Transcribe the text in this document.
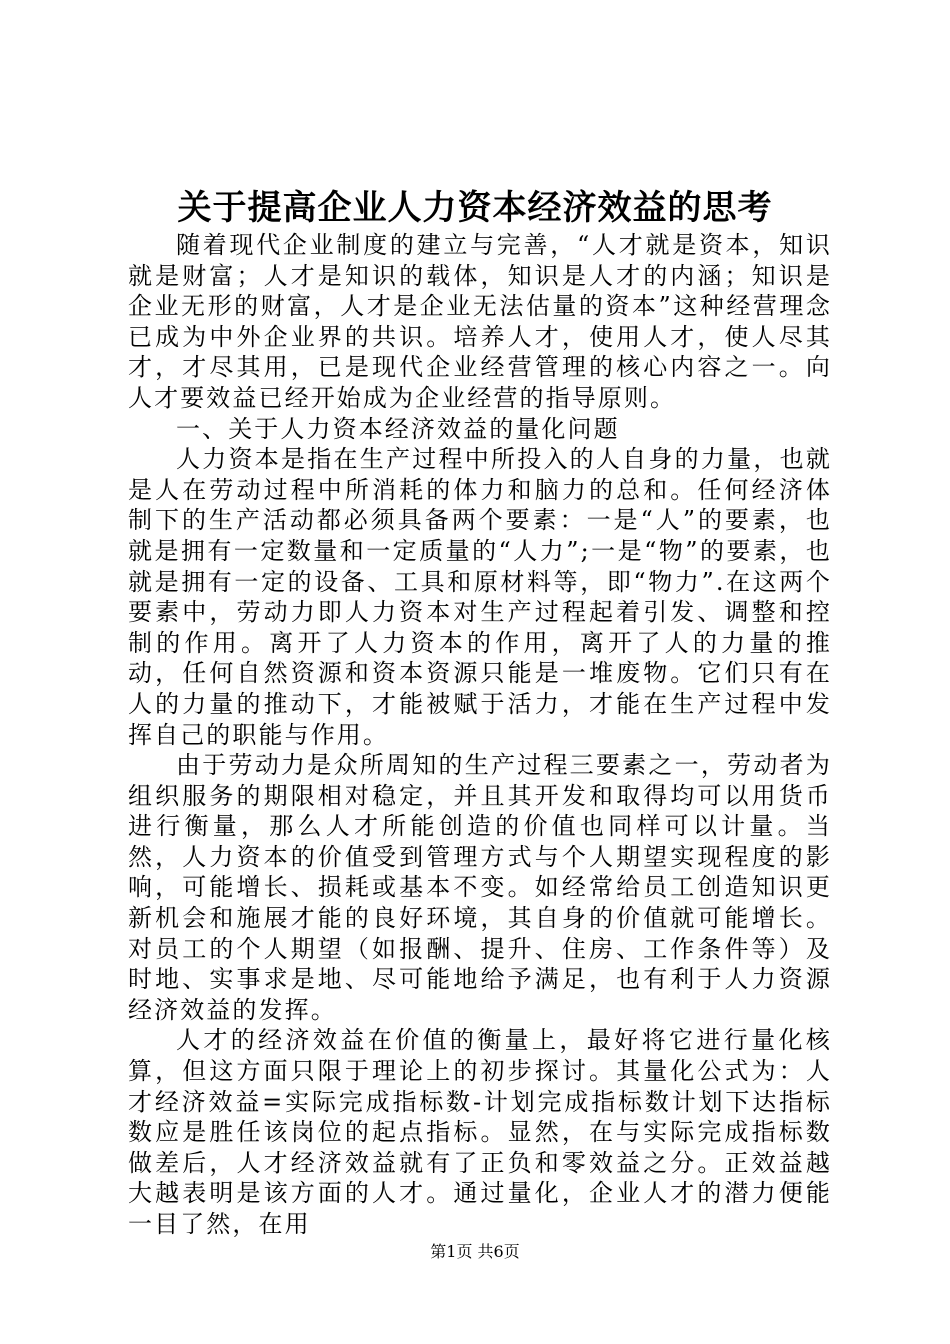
关于提高企业人力资本经济效益的思考

随着现代企业制度的建立与完善，“人才就是资本，知识就是财富；人才是知识的载体，知识是人才的内涵；知识是企业无形的财富，人才是企业无法估量的资本”这种经营理念已成为中外企业界的共识。培养人才，使用人才，使人尽其才，才尽其用，已是现代企业经营管理的核心内容之一。向人才要效益已经开始成为企业经营的指导原则。

一、关于人力资本经济效益的量化问题

人力资本是指在生产过程中所投入的人自身的力量，也就是人在劳动过程中所消耗的体力和脑力的总和。任何经济体制下的生产活动都必须具备两个要素：一是“人”的要素，也就是拥有一定数量和一定质量的“人力”;一是“物”的要素，也就是拥有一定的设备、工具和原材料等，即“物力”.在这两个要素中，劳动力即人力资本对生产过程起着引发、调整和控制的作用。离开了人力资本的作用，离开了人的力量的推动，任何自然资源和资本资源只能是一堆废物。它们只有在人的力量的推动下，才能被赋于活力，才能在生产过程中发挥自己的职能与作用。

由于劳动力是众所周知的生产过程三要素之一，劳动者为组织服务的期限相对稳定，并且其开发和取得均可以用货币进行衡量，那么人才所能创造的价值也同样可以计量。当然，人力资本的价值受到管理方式与个人期望实现程度的影响，可能增长、损耗或基本不变。如经常给员工创造知识更新机会和施展才能的良好环境，其自身的价值就可能增长。对员工的个人期望（如报酬、提升、住房、工作条件等）及时地、实事求是地、尽可能地给予满足，也有利于人力资源经济效益的发挥。

人才的经济效益在价值的衡量上，最好将它进行量化核算，但这方面只限于理论上的初步探讨。其量化公式为：人才经济效益=实际完成指标数-计划完成指标数计划下达指标数应是胜任该岗位的起点指标。显然，在与实际完成指标数做差后，人才经济效益就有了正负和零效益之分。正效益越大越表明是该方面的人才。通过量化，企业人才的潜力便能一目了然，在用

第1页 共6页
